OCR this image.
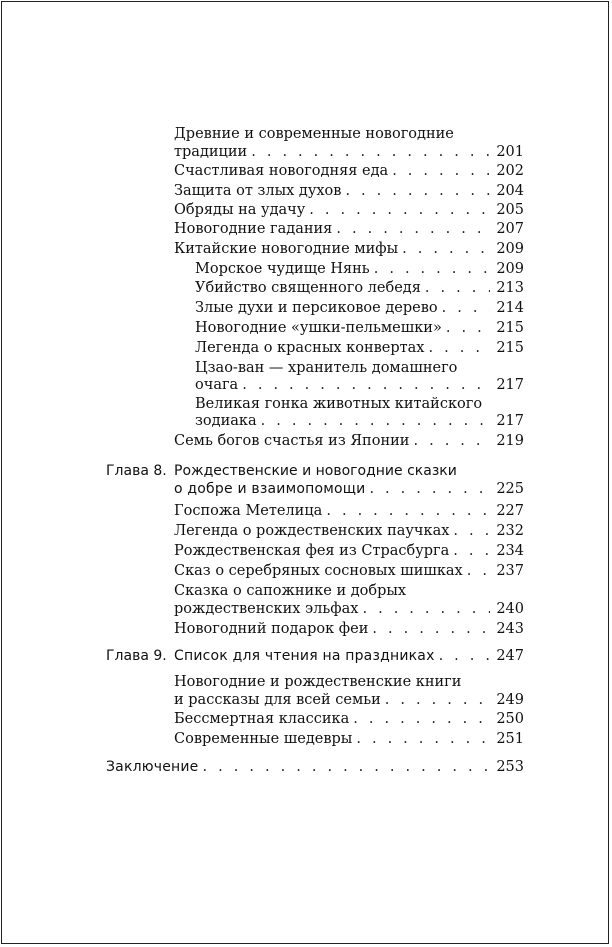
Древние и современные новогодние
традиции . . .	201
Счастливая новогодняя еда . . .	202
Защита от злых духов . . .	204
Обряды на удачу . . .	205
Новогодние гадания . . .	207
Китайские новогодние мифы . . .	209
Морское чудище Нянь . . .	209
Убийство священного лебедя . . .	213
Злые духи и персиковое дерево . . .	214
Новогодние «ушки-пельмешки» . . .	215
Легенда о красных конвертах . . .	215
Цзао-ван — хранитель домашнего
очага . . .	217
Великая гонка животных китайского
зодиака . . .	217
Семь богов счастья из Японии . . .	219
Глава 8. Рождественские и новогодние сказки
о добре и взаимопомощи . . .	225
Госпожа Метелица . . .	227
Легенда о рождественских паучках . . .	232
Рождественская фея из Страсбурга . . .	234
Сказ о серебряных сосновых шишках . . . 237
Сказка о сапожнике и добрых
рождественских эльфах . . .	240
Новогодний подарок феи . . .	243
Глава 9. Список для чтения на праздниках . . .	247
Новогодние и рождественские книги
и рассказы для всей семьи . . .	249
Бессмертная классика . . .	250
Современные шедевры . . .	251
Заключение . . .	253
